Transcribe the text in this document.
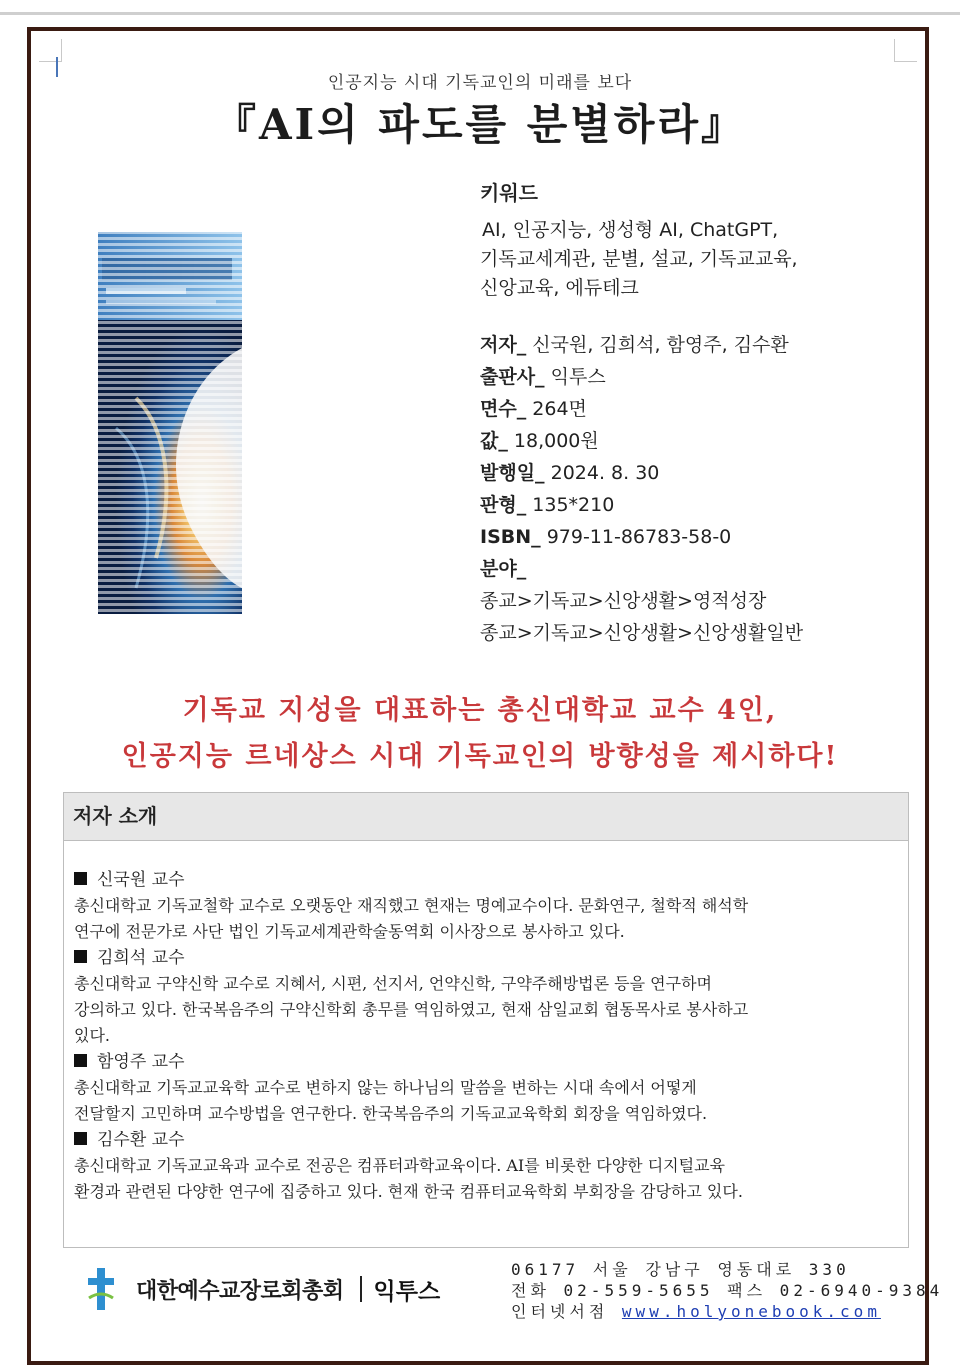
인공지능 시대 기독교인의 미래를 보다
『AI의 파도를 분별하라』
키워드
AI, 인공지능, 생성형 AI, ChatGPT,
기독교세계관, 분별, 설교, 기독교교육,
신앙교육, 에듀테크
저자_ 신국원, 김희석, 함영주, 김수환
출판사_ 익투스
면수_ 264면
값_ 18,000원
발행일_ 2024. 8. 30
판형_ 135*210
ISBN_ 979-11-86783-58-0
분야_
종교>기독교>신앙생활>영적성장
종교>기독교>신앙생활>신앙생활일반
기독교 지성을 대표하는 총신대학교 교수 4인,
인공지능 르네상스 시대 기독교인의 방향성을 제시하다!
저자 소개
신국원 교수
총신대학교 기독교철학 교수로 오랫동안 재직했고 현재는 명예교수이다. 문화연구, 철학적 해석학
연구에 전문가로 사단 법인 기독교세계관학술동역회 이사장으로 봉사하고 있다.
김희석 교수
총신대학교 구약신학 교수로 지혜서, 시편, 선지서, 언약신학, 구약주해방법론 등을 연구하며
강의하고 있다. 한국복음주의 구약신학회 총무를 역임하였고, 현재 삼일교회 협동목사로 봉사하고
있다.
함영주 교수
총신대학교 기독교교육학 교수로 변하지 않는 하나님의 말씀을 변하는 시대 속에서 어떻게
전달할지 고민하며 교수방법을 연구한다. 한국복음주의 기독교교육학회 회장을 역임하였다.
김수환 교수
총신대학교 기독교교육과 교수로 전공은 컴퓨터과학교육이다. AI를 비롯한 다양한 디지털교육
환경과 관련된 다양한 연구에 집중하고 있다. 현재 한국 컴퓨터교육학회 부회장을 감당하고 있다.
대한예수교장로회총회 익투스
06177 서울 강남구 영동대로 330
전화 02-559-5655 팩스 02-6940-9384
인터넷서점 www.holyonebook.com
